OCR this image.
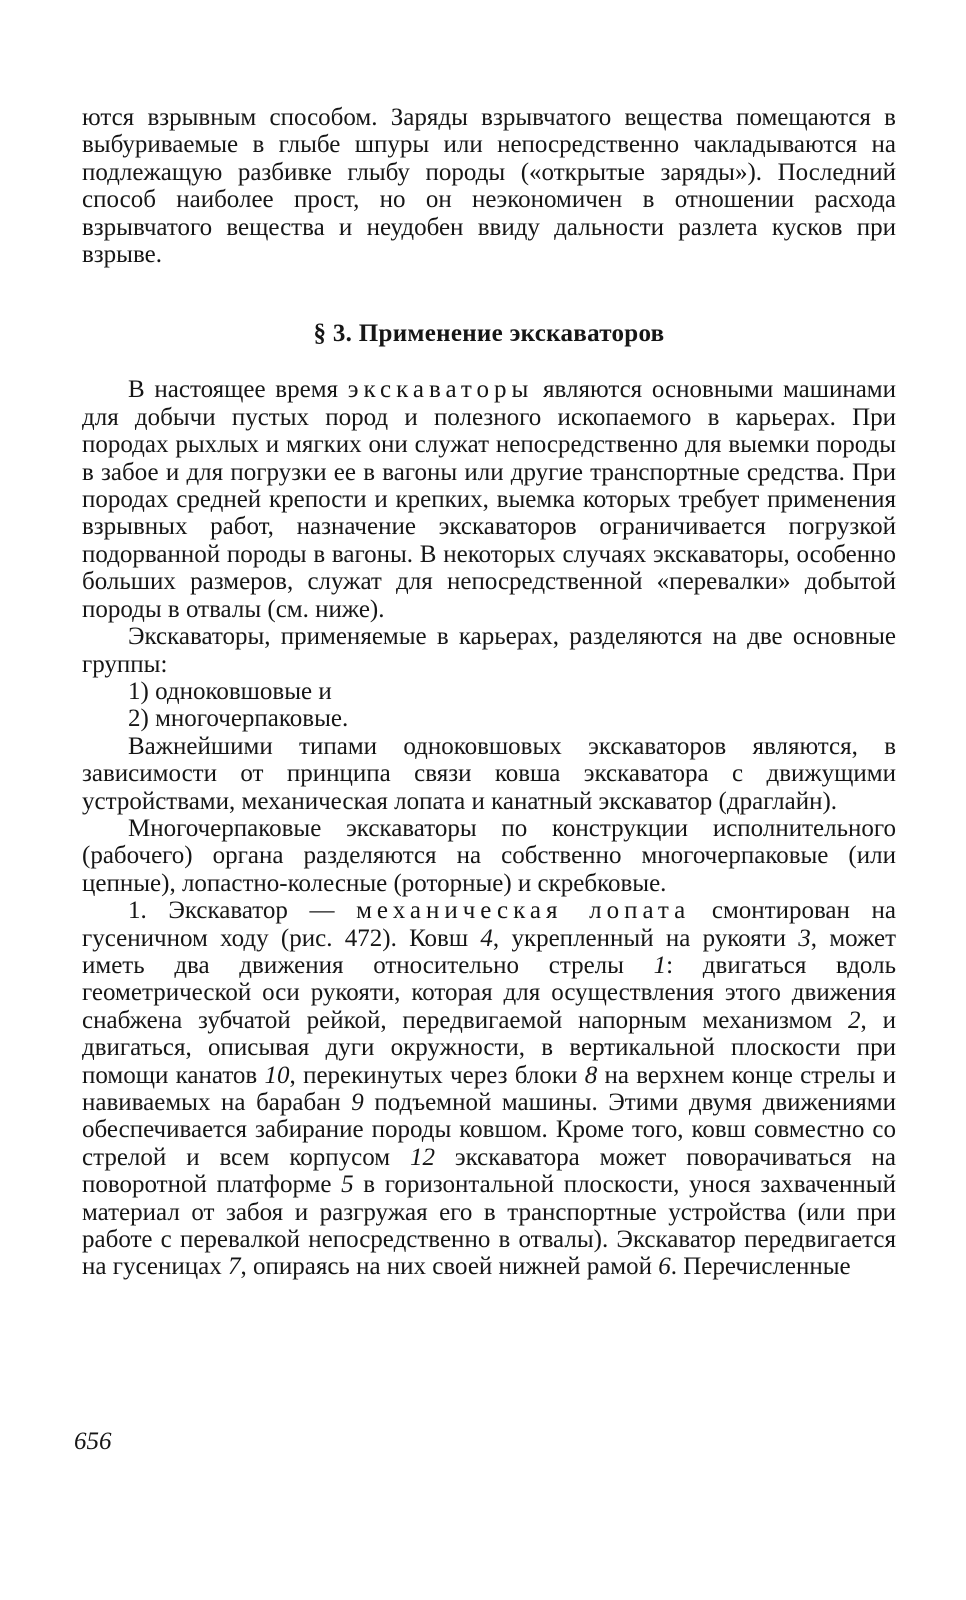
ются взрывным способом. Заряды взрывчатого вещества помещаются в выбуриваемые в глыбе шпуры или непосредственно чакладываются на подлежащую разбивке глыбу породы («открытые заряды»). Последний способ наиболее прост, но он неэкономичен в отношении расхода взрывчатого вещества и неудобен ввиду дальности разлета кусков при взрыве.

§ 3. Применение экскаваторов

В настоящее время экскаваторы являются основными машинами для добычи пустых пород и полезного ископаемого в карьерах. При породах рыхлых и мягких они служат непосредственно для выемки породы в забое и для погрузки ее в вагоны или другие транспортные средства. При породах средней крепости и крепких, выемка которых требует применения взрывных работ, назначение экскаваторов ограничивается погрузкой подорванной породы в вагоны. В некоторых случаях экскаваторы, особенно больших размеров, служат для непосредственной «перевалки» добытой породы в отвалы (см. ниже).

Экскаваторы, применяемые в карьерах, разделяются на две основные группы:

1) одноковшовые и

2) многочерпаковые.

Важнейшими типами одноковшовых экскаваторов являются, в зависимости от принципа связи ковша экскаватора с движущими устройствами, механическая лопата и канатный экскаватор (драглайн).

Многочерпаковые экскаваторы по конструкции исполнительного (рабочего) органа разделяются на собственно многочерпаковые (или цепные), лопастно-колесные (роторные) и скребковые.

1. Экскаватор — механическая лопата смонтирован на гусеничном ходу (рис. 472). Ковш 4, укрепленный на рукояти 3, может иметь два движения относительно стрелы 1: двигаться вдоль геометрической оси рукояти, которая для осуществления этого движения снабжена зубчатой рейкой, передвигаемой напорным механизмом 2, и двигаться, описывая дуги окружности, в вертикальной плоскости при помощи канатов 10, перекинутых через блоки 8 на верхнем конце стрелы и навиваемых на барабан 9 подъемной машины. Этими двумя движениями обеспечивается забирание породы ковшом. Кроме того, ковш совместно со стрелой и всем корпусом 12 экскаватора может поворачиваться на поворотной платформе 5 в горизонтальной плоскости, унося захваченный материал от забоя и разгружая его в транспортные устройства (или при работе с перевалкой непосредственно в отвалы). Экскаватор передвигается на гусеницах 7, опираясь на них своей нижней рамой 6. Перечисленные

656
